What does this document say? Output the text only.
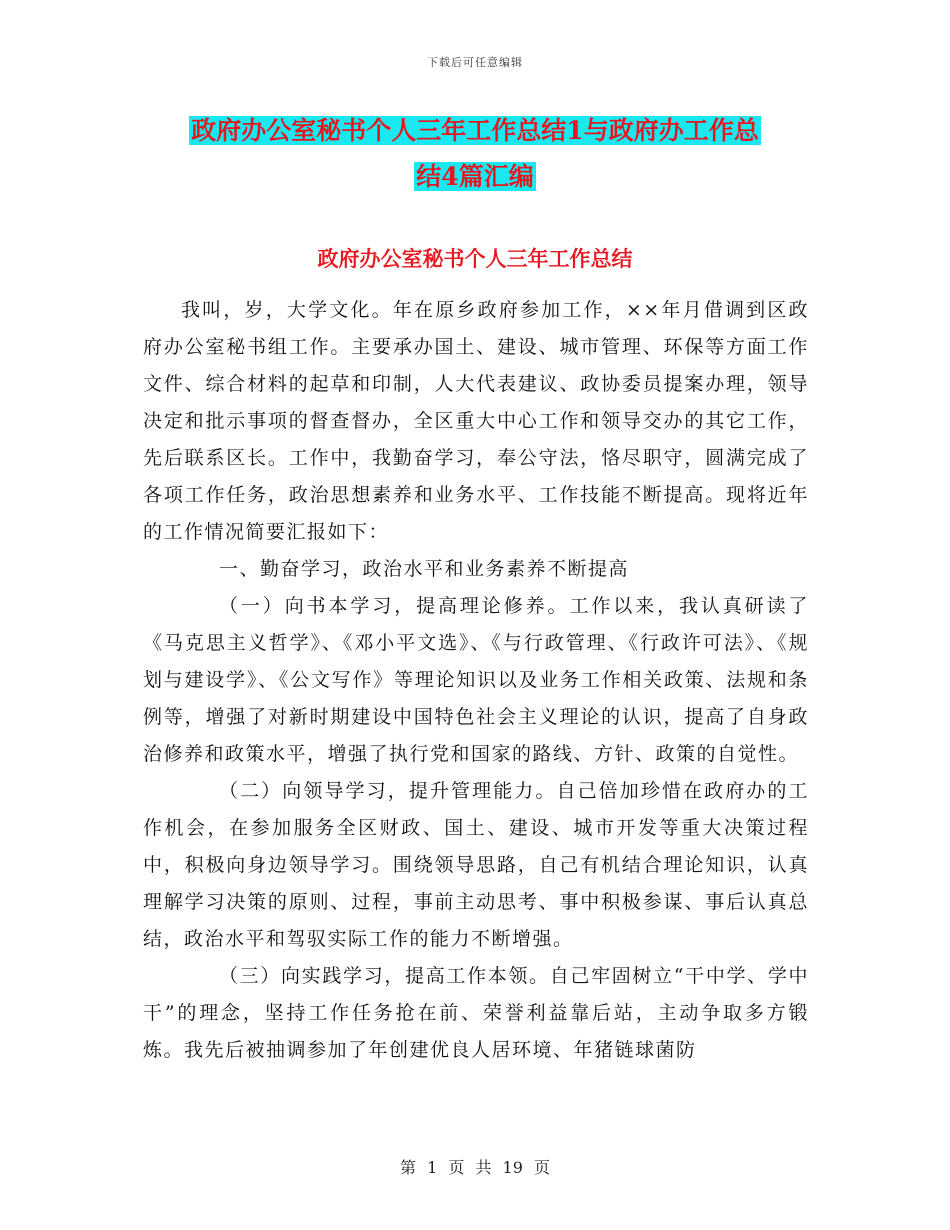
下载后可任意编辑
政府办公室秘书个人三年工作总结1与政府办工作总
结4篇汇编
政府办公室秘书个人三年工作总结

我叫，岁，大学文化。年在原乡政府参加工作，××年月借调到区政府办公室秘书组工作。主要承办国土、建设、城市管理、环保等方面工作文件、综合材料的起草和印制，人大代表建议、政协委员提案办理，领导决定和批示事项的督查督办，全区重大中心工作和领导交办的其它工作，先后联系区长。工作中，我勤奋学习，奉公守法，恪尽职守，圆满完成了各项工作任务，政治思想素养和业务水平、工作技能不断提高。现将近年的工作情况简要汇报如下：

一、勤奋学习，政治水平和业务素养不断提高

（一）向书本学习，提高理论修养。工作以来，我认真研读了《马克思主义哲学》、《邓小平文选》、《与行政管理、《行政许可法》、《规划与建设学》、《公文写作》等理论知识以及业务工作相关政策、法规和条例等，增强了对新时期建设中国特色社会主义理论的认识，提高了自身政治修养和政策水平，增强了执行党和国家的路线、方针、政策的自觉性。

（二）向领导学习，提升管理能力。自己倍加珍惜在政府办的工作机会，在参加服务全区财政、国土、建设、城市开发等重大决策过程中，积极向身边领导学习。围绕领导思路，自己有机结合理论知识，认真理解学习决策的原则、过程，事前主动思考、事中积极参谋、事后认真总结，政治水平和驾驭实际工作的能力不断增强。

（三）向实践学习，提高工作本领。自己牢固树立“干中学、学中干”的理念，坚持工作任务抢在前、荣誉利益靠后站，主动争取多方锻炼。我先后被抽调参加了年创建优良人居环境、年猪链球菌防

第 1 页 共 19 页
